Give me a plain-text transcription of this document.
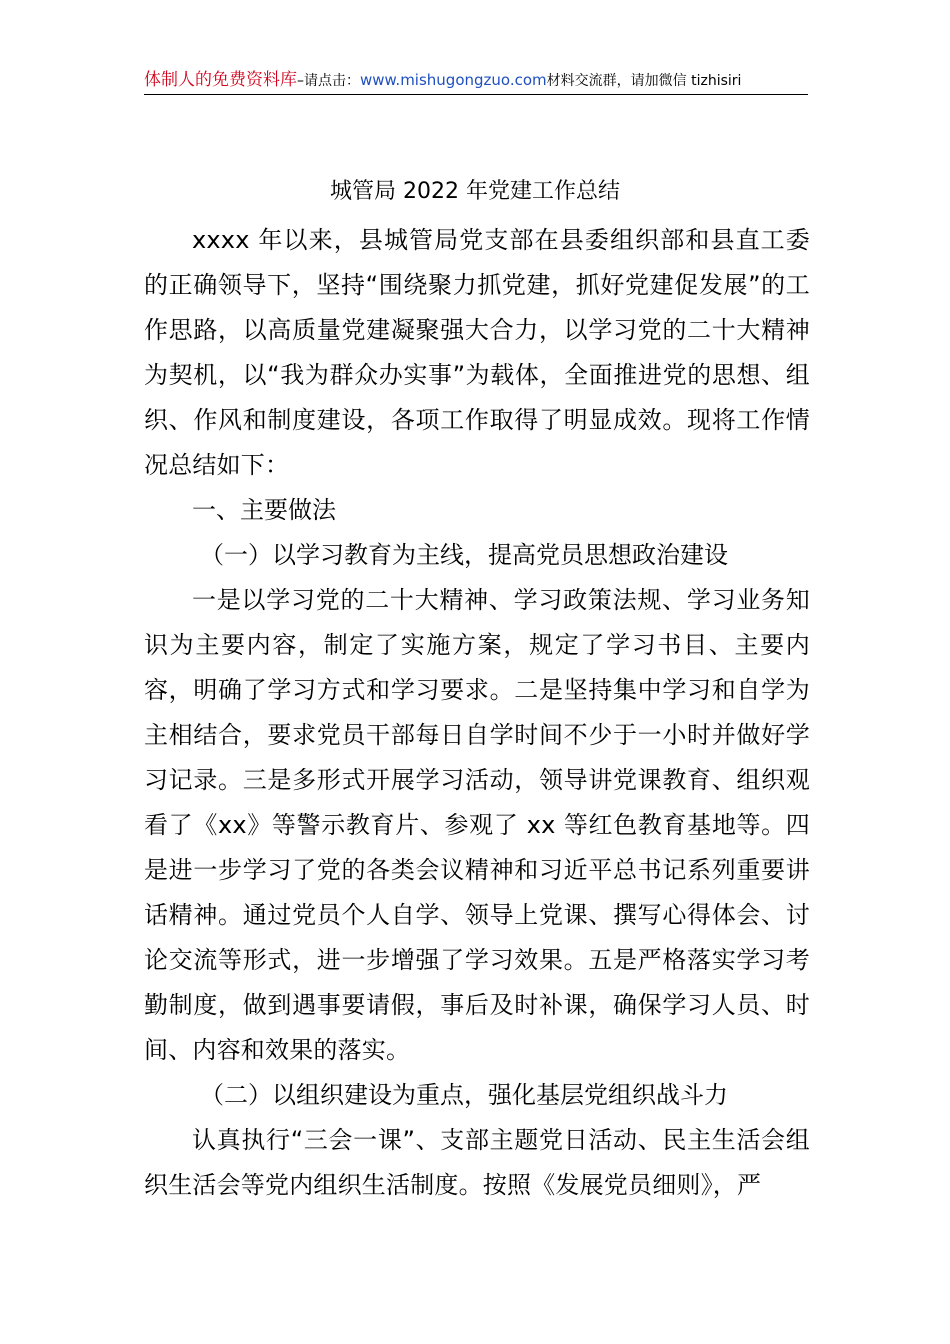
体制人的免费资料库–请点击：www.mishugongzuo.com材料交流群，请加微信 tizhisiri
城管局 2022 年党建工作总结

xxxx 年以来，县城管局党支部在县委组织部和县直工委的正确领导下，坚持“围绕聚力抓党建，抓好党建促发展”的工作思路，以高质量党建凝聚强大合力，以学习党的二十大精神为契机，以“我为群众办实事”为载体，全面推进党的思想、组织、作风和制度建设，各项工作取得了明显成效。现将工作情况总结如下：

一、主要做法

（一）以学习教育为主线，提高党员思想政治建设

一是以学习党的二十大精神、学习政策法规、学习业务知识为主要内容，制定了实施方案，规定了学习书目、主要内容，明确了学习方式和学习要求。二是坚持集中学习和自学为主相结合，要求党员干部每日自学时间不少于一小时并做好学习记录。三是多形式开展学习活动，领导讲党课教育、组织观看了《xx》等警示教育片、参观了 xx 等红色教育基地等。四是进一步学习了党的各类会议精神和习近平总书记系列重要讲话精神。通过党员个人自学、领导上党课、撰写心得体会、讨论交流等形式，进一步增强了学习效果。五是严格落实学习考勤制度，做到遇事要请假，事后及时补课，确保学习人员、时间、内容和效果的落实。

（二）以组织建设为重点，强化基层党组织战斗力

认真执行“三会一课”、支部主题党日活动、民主生活会组织生活会等党内组织生活制度。按照《发展党员细则》，严
